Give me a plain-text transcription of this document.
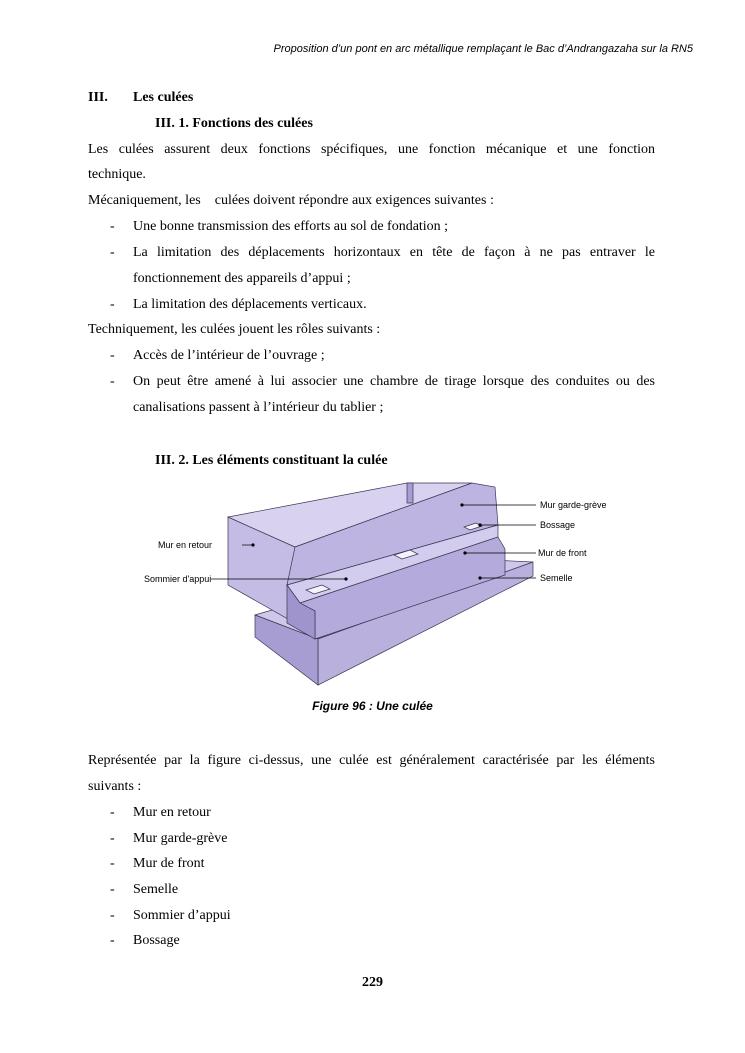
Proposition d’un pont en arc métallique remplaçant le Bac d’Andrangazaha sur la RN5
III. Les culées
III. 1. Fonctions des culées
Les culées assurent deux fonctions spécifiques, une fonction mécanique et une fonction
technique.
Mécaniquement, les    culées doivent répondre aux exigences suivantes :
- Une bonne transmission des efforts au sol de fondation ;
- La limitation des déplacements horizontaux en tête de façon à ne pas entraver le
fonctionnement des appareils d’appui ;
- La limitation des déplacements verticaux.
Techniquement, les culées jouent les rôles suivants :
- Accès de l’intérieur de l’ouvrage ;
- On peut être amené à lui associer une chambre de tirage lorsque des conduites ou des
canalisations passent à l’intérieur du tablier ;
III. 2. Les éléments constituant la culée
Mur garde-grève
Bossage
Mur de front
Semelle
Mur en retour
Sommier d'appui
Figure 96 : Une culée
Représentée par la figure ci-dessus, une culée est généralement caractérisée par les éléments
suivants :
- Mur en retour
- Mur garde-grève
- Mur de front
- Semelle
- Sommier d’appui
- Bossage
229
